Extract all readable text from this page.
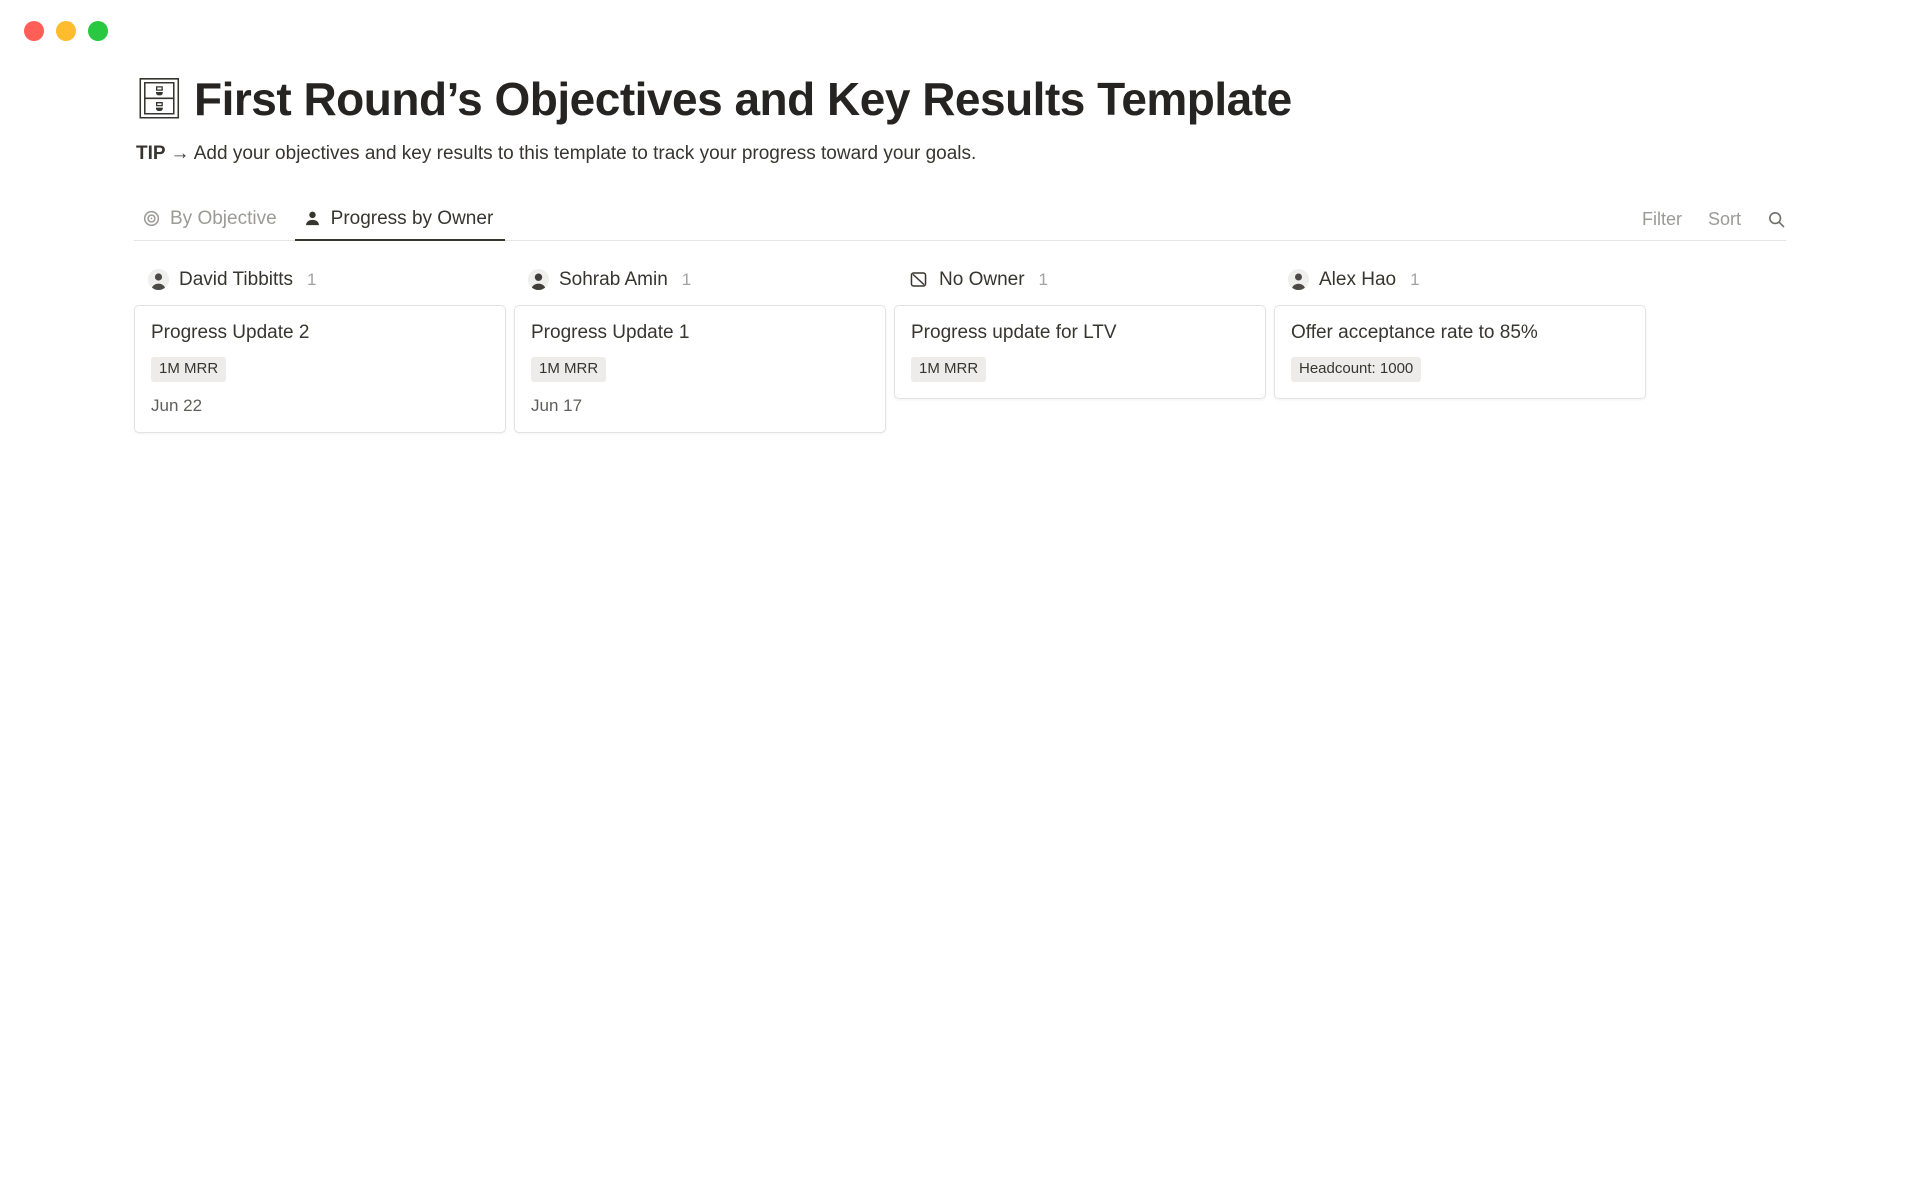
🗄 First Round’s Objectives and Key Results Template
TIP → Add your objectives and key results to this template to track your progress toward your goals.
By Objective	Progress by Owner	Filter Sort
David Tibbitts 1
Progress Update 2
1M MRR
Jun 22
Sohrab Amin 1
Progress Update 1
1M MRR
Jun 17
No Owner 1
Progress update for LTV
1M MRR
Alex Hao 1
Offer acceptance rate to 85%
Headcount: 1000
